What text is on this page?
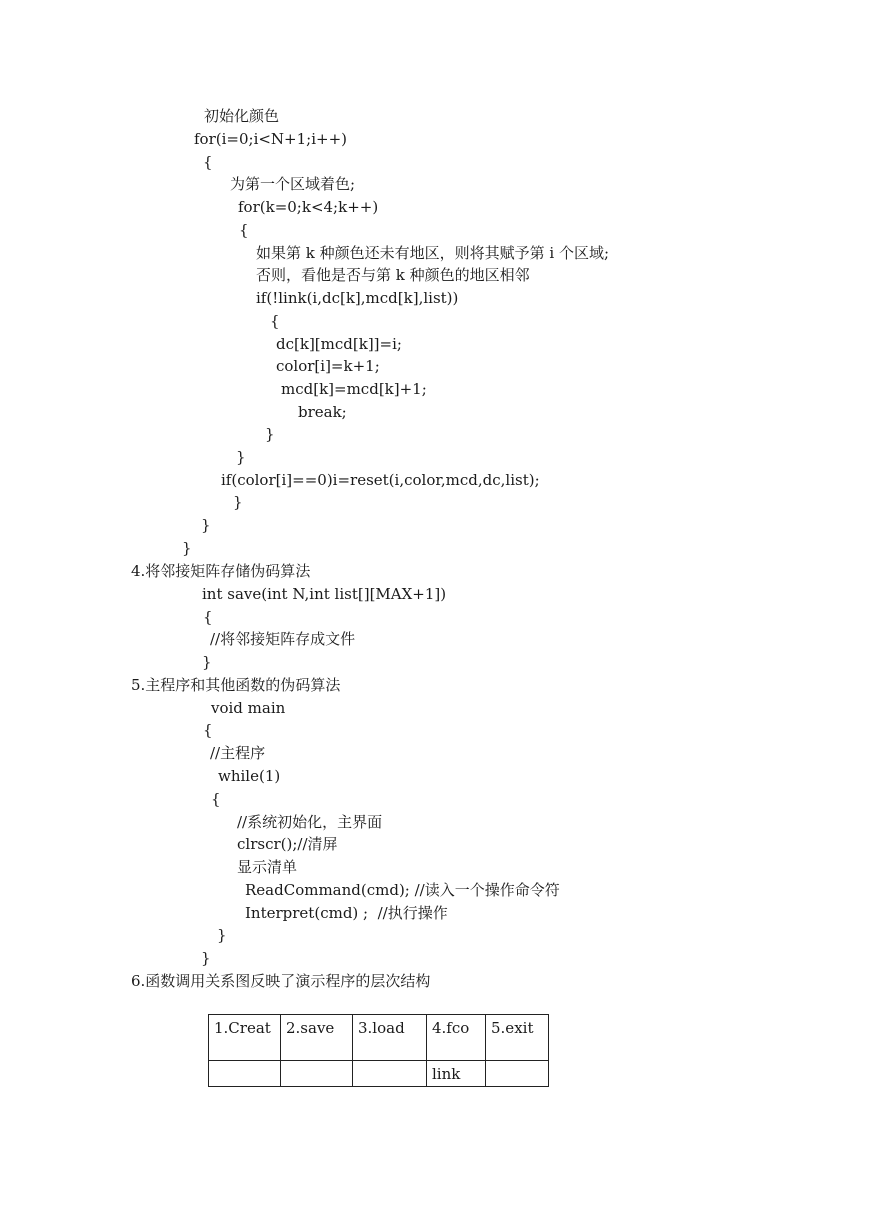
初始化颜色
for(i=0;i<N+1;i++)
{
为第一个区域着色;
for(k=0;k<4;k++)
{
如果第 k 种颜色还未有地区，则将其赋予第 i 个区域;
否则，看他是否与第 k 种颜色的地区相邻
if(!link(i,dc[k],mcd[k],list))
{
dc[k][mcd[k]]=i;
color[i]=k+1;
mcd[k]=mcd[k]+1;
break;
}
}
if(color[i]==0)i=reset(i,color,mcd,dc,list);
}
}
}
4.将邻接矩阵存储伪码算法
int save(int N,int list[][MAX+1])
{
//将邻接矩阵存成文件
}
5.主程序和其他函数的伪码算法
void main
{
//主程序
while(1)
{
//系统初始化，主界面
clrscr();//清屏
显示清单
ReadCommand(cmd); //读入一个操作命令符
Interpret(cmd) ;  //执行操作
}
}
6.函数调用关系图反映了演示程序的层次结构
1.Creat	2.save	3.load	4.fco	5.exit
			link	
